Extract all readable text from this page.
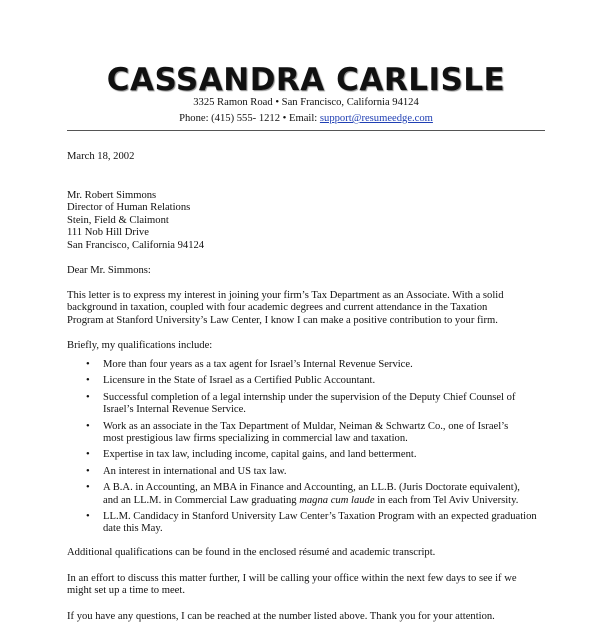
CASSANDRA CARLISLE
3325 Ramon Road • San Francisco, California 94124
Phone: (415) 555- 1212 • Email: support@resumeedge.com
March 18, 2002
Mr. Robert Simmons
Director of Human Relations
Stein, Field & Claimont
111 Nob Hill Drive
San Francisco, California 94124
Dear Mr. Simmons:
This letter is to express my interest in joining your firm’s Tax Department as an Associate. With a solid
background in taxation, coupled with four academic degrees and current attendance in the Taxation
Program at Stanford University’s Law Center, I know I can make a positive contribution to your firm.
Briefly, my qualifications include:
• More than four years as a tax agent for Israel’s Internal Revenue Service.
• Licensure in the State of Israel as a Certified Public Accountant.
• Successful completion of a legal internship under the supervision of the Deputy Chief Counsel of
Israel’s Internal Revenue Service.
• Work as an associate in the Tax Department of Muldar, Neiman & Schwartz Co., one of Israel’s
most prestigious law firms specializing in commercial law and taxation.
• Expertise in tax law, including income, capital gains, and land betterment.
• An interest in international and US tax law.
• A B.A. in Accounting, an MBA in Finance and Accounting, an LL.B. (Juris Doctorate equivalent),
and an LL.M. in Commercial Law graduating magna cum laude in each from Tel Aviv University.
• LL.M. Candidacy in Stanford University Law Center’s Taxation Program with an expected graduation
date this May.
Additional qualifications can be found in the enclosed résumé and academic transcript.
In an effort to discuss this matter further, I will be calling your office within the next few days to see if we
might set up a time to meet.
If you have any questions, I can be reached at the number listed above. Thank you for your attention.
